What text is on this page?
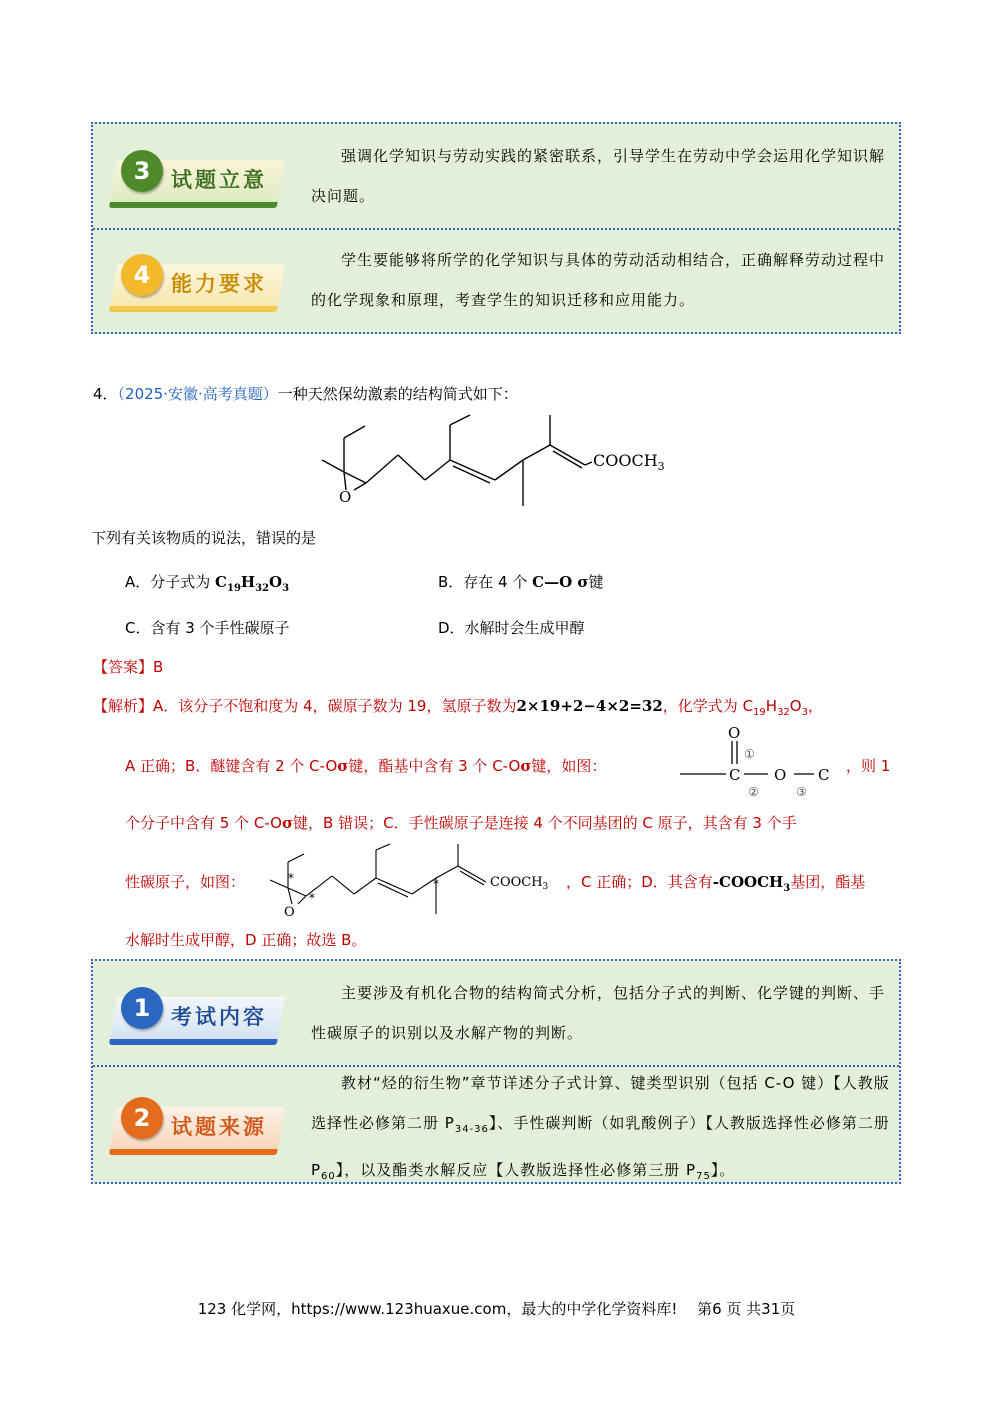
3 试题立意
强调化学知识与劳动实践的紧密联系，引导学生在劳动中学会运用化学知识解决问题。
4 能力要求
学生要能够将所学的化学知识与具体的劳动活动相结合，正确解释劳动过程中的化学现象和原理，考查学生的知识迁移和应用能力。
4．（2025·安徽·高考真题）一种天然保幼激素的结构简式如下：
O
$COOCH_3$
下列有关该物质的说法，错误的是
A．分子式为 $C_{19}H_{32}O_3$	B．存在 4 个 C—O σ键
C．含有 3 个手性碳原子	D．水解时会生成甲醇
【答案】B
【解析】A．该分子不饱和度为 4，碳原子数为 19，氢原子数为2×19+2−4×2=32，化学式为 $C_{19}H_{32}O_3$，
A 正确；B．醚键含有 2 个 C-Oσ键，酯基中含有 3 个 C-Oσ键，如图：
O
C O C
①
②	③
，则 1
个分子中含有 5 个 C-Oσ键，B 错误；C．手性碳原子是连接 4 个不同基团的 C 原子，其含有 3 个手
性碳原子，如图：	*
*
*
O
$COOCH_3$ ，C 正确；D．其含有$-COOCH_3$基团，酯基
水解时生成甲醇，D 正确；故选 B。
1 考试内容
主要涉及有机化合物的结构简式分析，包括分子式的判断、化学键的判断、手性碳原子的识别以及水解产物的判断。
2 试题来源
教材“烃的衍生物”章节详述分子式计算、键类型识别（包括 C-O 键）【人教版选择性必修第二册 $P_{34-36}$】、手性碳判断（如乳酸例子）【人教版选择性必修第二册 $P_{60}$】，以及酯类水解反应【人教版选择性必修第三册 $P_{75}$】。
123 化学网，https://www.123huaxue.com，最大的中学化学资料库!　 第6 页 共31页
